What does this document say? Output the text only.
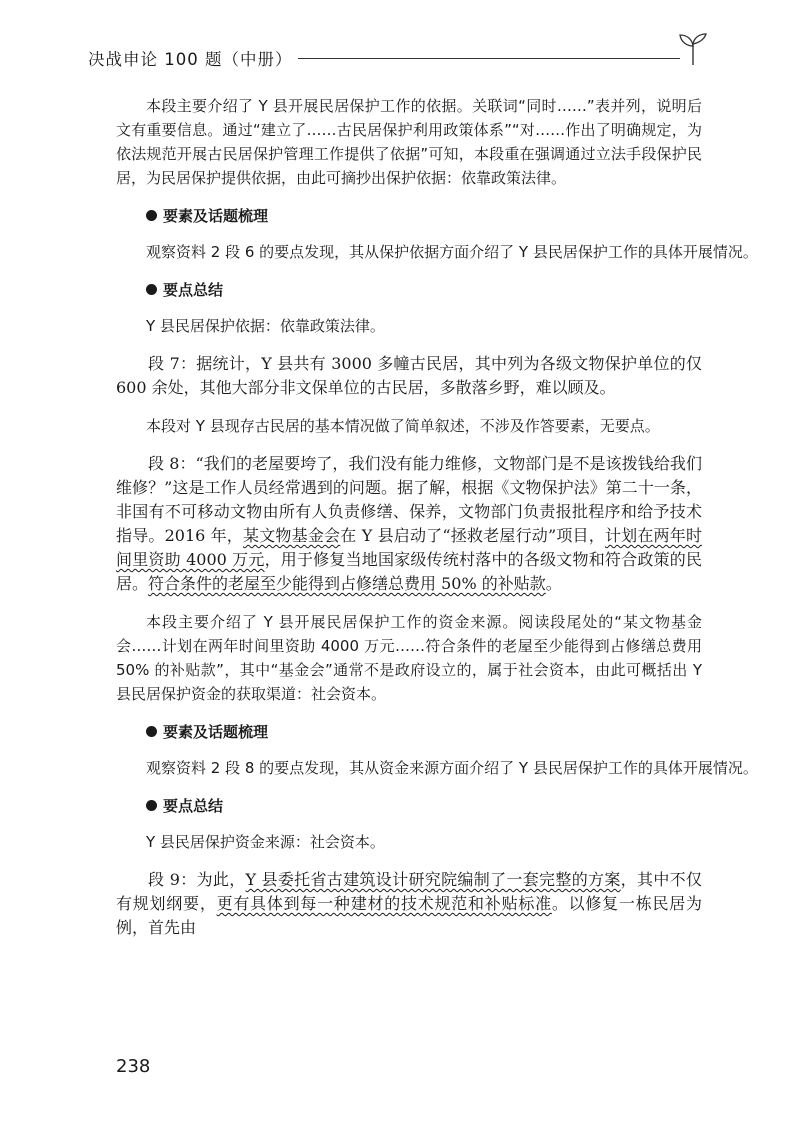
决战申论 100 题（中册）

本段主要介绍了 Y 县开展民居保护工作的依据。关联词“同时……”表并列，说明后文有重要信息。通过“建立了……古民居保护利用政策体系”“对……作出了明确规定，为依法规范开展古民居保护管理工作提供了依据”可知，本段重在强调通过立法手段保护民居，为民居保护提供依据，由此可摘抄出保护依据：依靠政策法律。

要素及话题梳理
观察资料 2 段 6 的要点发现，其从保护依据方面介绍了 Y 县民居保护工作的具体开展情况。
要点总结
Y 县民居保护依据：依靠政策法律。

段 7：据统计，Y 县共有 3000 多幢古民居，其中列为各级文物保护单位的仅 600 余处，其他大部分非文保单位的古民居，多散落乡野，难以顾及。

本段对 Y 县现存古民居的基本情况做了简单叙述，不涉及作答要素，无要点。

段 8：“我们的老屋要垮了，我们没有能力维修，文物部门是不是该拨钱给我们维修？”这是工作人员经常遇到的问题。据了解，根据《文物保护法》第二十一条，非国有不可移动文物由所有人负责修缮、保养，文物部门负责报批程序和给予技术指导。2016 年，某文物基金会在 Y 县启动了“拯救老屋行动”项目，计划在两年时间里资助 4000 万元，用于修复当地国家级传统村落中的各级文物和符合政策的民居。符合条件的老屋至少能得到占修缮总费用 50% 的补贴款。

本段主要介绍了 Y 县开展民居保护工作的资金来源。阅读段尾处的“某文物基金会……计划在两年时间里资助 4000 万元……符合条件的老屋至少能得到占修缮总费用 50% 的补贴款”，其中“基金会”通常不是政府设立的，属于社会资本，由此可概括出 Y 县民居保护资金的获取渠道：社会资本。

要素及话题梳理
观察资料 2 段 8 的要点发现，其从资金来源方面介绍了 Y 县民居保护工作的具体开展情况。
要点总结
Y 县民居保护资金来源：社会资本。

段 9：为此，Y 县委托省古建筑设计研究院编制了一套完整的方案，其中不仅有规划纲要，更有具体到每一种建材的技术规范和补贴标准。以修复一栋民居为例，首先由

238
